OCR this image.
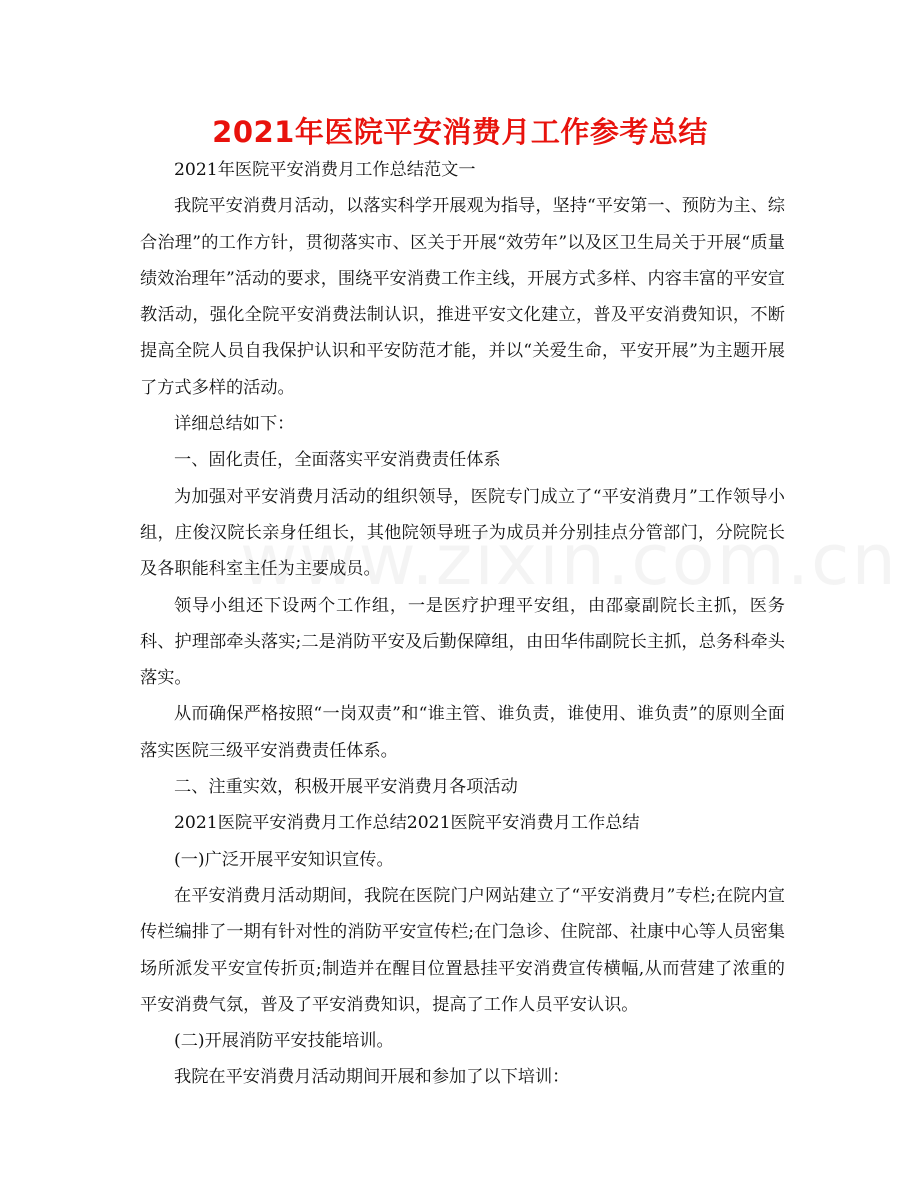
2021年医院平安消费月工作参考总结

2021年医院平安消费月工作总结范文一

我院平安消费月活动，以落实科学开展观为指导，坚持“平安第一、预防为主、综合治理”的工作方针，贯彻落实市、区关于开展“效劳年”以及区卫生局关于开展“质量绩效治理年”活动的要求，围绕平安消费工作主线，开展方式多样、内容丰富的平安宣教活动，强化全院平安消费法制认识，推进平安文化建立，普及平安消费知识，不断提高全院人员自我保护认识和平安防范才能，并以“关爱生命，平安开展”为主题开展了方式多样的活动。

详细总结如下：

一、固化责任，全面落实平安消费责任体系

为加强对平安消费月活动的组织领导，医院专门成立了“平安消费月”工作领导小组，庄俊汉院长亲身任组长，其他院领导班子为成员并分别挂点分管部门，分院院长及各职能科室主任为主要成员。

领导小组还下设两个工作组，一是医疗护理平安组，由邵豪副院长主抓，医务科、护理部牵头落实;二是消防平安及后勤保障组，由田华伟副院长主抓，总务科牵头落实。

从而确保严格按照“一岗双责”和“谁主管、谁负责，谁使用、谁负责”的原则全面落实医院三级平安消费责任体系。

二、注重实效，积极开展平安消费月各项活动

2021医院平安消费月工作总结2021医院平安消费月工作总结

(一)广泛开展平安知识宣传。

在平安消费月活动期间，我院在医院门户网站建立了“平安消费月”专栏;在院内宣传栏编排了一期有针对性的消防平安宣传栏;在门急诊、住院部、社康中心等人员密集场所派发平安宣传折页;制造并在醒目位置悬挂平安消费宣传横幅,从而营建了浓重的平安消费气氛，普及了平安消费知识，提高了工作人员平安认识。

(二)开展消防平安技能培训。

我院在平安消费月活动期间开展和参加了以下培训：
